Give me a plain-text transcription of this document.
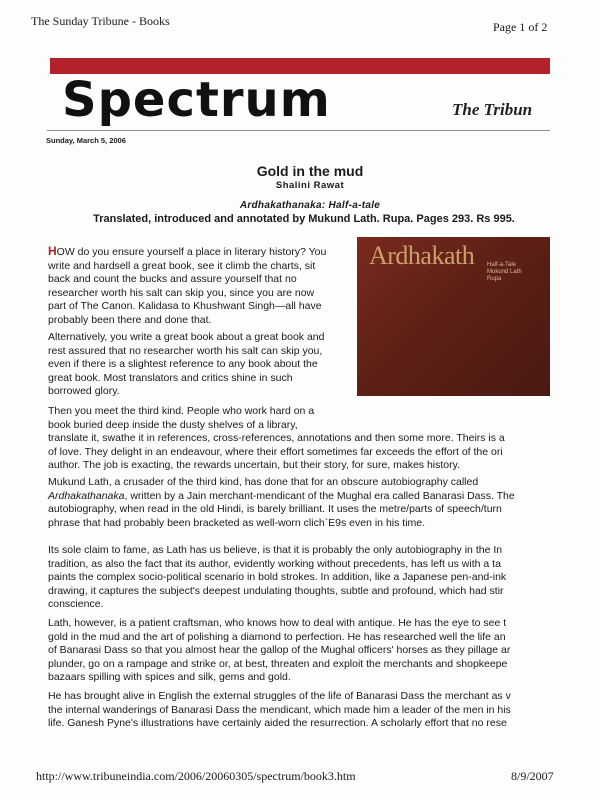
The Sunday Tribune - Books	Page 1 of 2
Spectrum	The Tribun
Sunday, March 5, 2006
Gold in the mud
Shalini Rawat
Ardhakathanaka: Half-a-tale
Translated, introduced and annotated by Mukund Lath. Rupa. Pages 293. Rs 995.
Ardhakath Half-a-Tale
Mukund Lath
Rupa
HOW do you ensure yourself a place in literary history? You
write and hardsell a great book, see it climb the charts, sit
back and count the bucks and assure yourself that no
researcher worth his salt can skip you, since you are now
part of The Canon. Kalidasa to Khushwant Singh—all have
probably been there and done that.
Alternatively, you write a great book about a great book and
rest assured that no researcher worth his salt can skip you,
even if there is a slightest reference to any book about the
great book. Most translators and critics shine in such
borrowed glory.
Then you meet the third kind. People who work hard on a
book buried deep inside the dusty shelves of a library,
translate it, swathe it in references, cross-references, annotations and then some more. Theirs is a
of love. They delight in an endeavour, where their effort sometimes far exceeds the effort of the ori
author. The job is exacting, the rewards uncertain, but their story, for sure, makes history.
Mukund Lath, a crusader of the third kind, has done that for an obscure autobiography called
Ardhakathanaka, written by a Jain merchant-mendicant of the Mughal era called Banarasi Dass. The
autobiography, when read in the old Hindi, is barely brilliant. It uses the metre/parts of speech/turn
phrase that had probably been bracketed as well-worn clich`E9s even in his time.
Its sole claim to fame, as Lath has us believe, is that it is probably the only autobiography in the In
tradition, as also the fact that its author, evidently working without precedents, has left us with a ta
paints the complex socio-political scenario in bold strokes. In addition, like a Japanese pen-and-ink
drawing, it captures the subject's deepest undulating thoughts, subtle and profound, which had stir
conscience.
Lath, however, is a patient craftsman, who knows how to deal with antique. He has the eye to see t
gold in the mud and the art of polishing a diamond to perfection. He has researched well the life an
of Banarasi Dass so that you almost hear the gallop of the Mughal officers' horses as they pillage ar
plunder, go on a rampage and strike or, at best, threaten and exploit the merchants and shopkeepe
bazaars spilling with spices and silk, gems and gold.
He has brought alive in English the external struggles of the life of Banarasi Dass the merchant as v
the internal wanderings of Banarasi Dass the mendicant, which made him a leader of the men in his
life. Ganesh Pyne's illustrations have certainly aided the resurrection. A scholarly effort that no rese
http://www.tribuneindia.com/2006/20060305/spectrum/book3.htm	8/9/2007
